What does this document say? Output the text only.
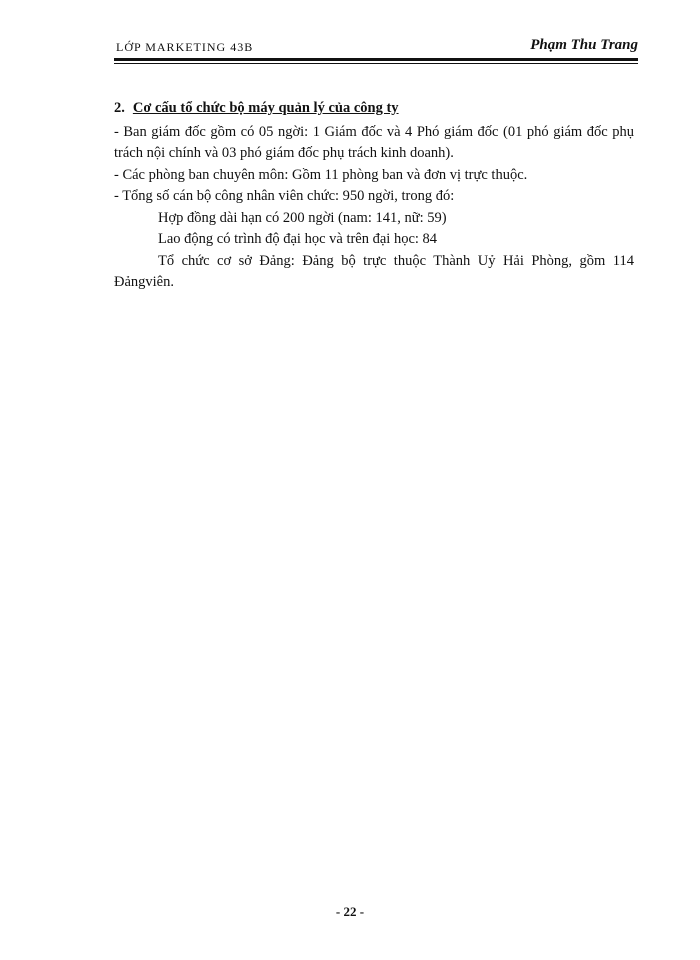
LỚP MARKETING 43B	Phạm Thu Trang
2. Cơ cấu tổ chức bộ máy quản lý của công ty
- Ban giám đốc gồm có 05 ngời: 1 Giám đốc và 4 Phó giám đốc (01 phó giám đốc phụ trách nội chính và 03 phó giám đốc phụ trách kinh doanh).
- Các phòng ban chuyên môn: Gồm 11 phòng ban và đơn vị trực thuộc.
- Tổng số cán bộ công nhân viên chức: 950 ngời, trong đó:
Hợp đồng dài hạn có 200 ngời (nam: 141, nữ: 59)
Lao động có trình độ đại học và trên đại học: 84
Tổ chức cơ sở Đảng: Đảng bộ trực thuộc Thành Uỷ Hải Phòng, gồm 114 Đảngviên.
- 22 -
